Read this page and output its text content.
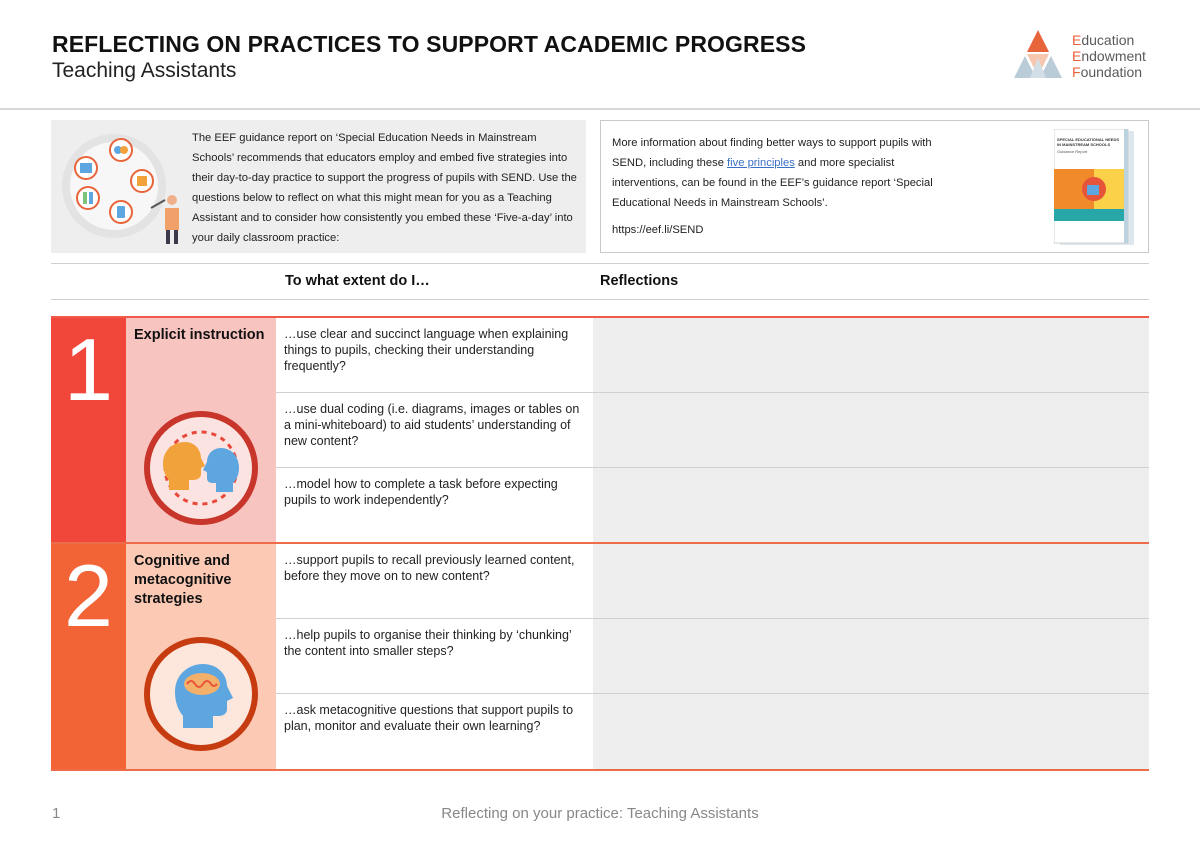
REFLECTING ON PRACTICES TO SUPPORT ACADEMIC PROGRESS
Teaching Assistants
Education
Endowment
Foundation
The EEF guidance report on ‘Special Education Needs in Mainstream Schools’ recommends that educators employ and embed five strategies into their day-to-day practice to support the progress of pupils with SEND. Use the questions below to reflect on what this might mean for you as a Teaching Assistant and to consider how consistently you embed these ‘Five-a-day’ into your daily classroom practice:
More information about finding better ways to support pupils with SEND, including these five principles and more specialist interventions, can be found in the EEF’s guidance report ‘Special Educational Needs in Mainstream Schools’.
https://eef.li/SEND
SPECIAL EDUCATIONAL NEEDS IN MAINSTREAM SCHOOLS
Guidance Report
To what extent do I…	Reflections
1	Explicit instruction	…use clear and succinct language when explaining things to pupils, checking their understanding frequently?
…use dual coding (i.e. diagrams, images or tables on a mini-whiteboard) to aid students’ understanding of new content?
…model how to complete a task before expecting pupils to work independently?
2	Cognitive and metacognitive strategies
…support pupils to recall previously learned content, before they move on to new content?
…help pupils to organise their thinking by ‘chunking’ the content into smaller steps?
…ask metacognitive questions that support pupils to plan, monitor and evaluate their own learning?
Reflecting on your practice: Teaching Assistants
1
